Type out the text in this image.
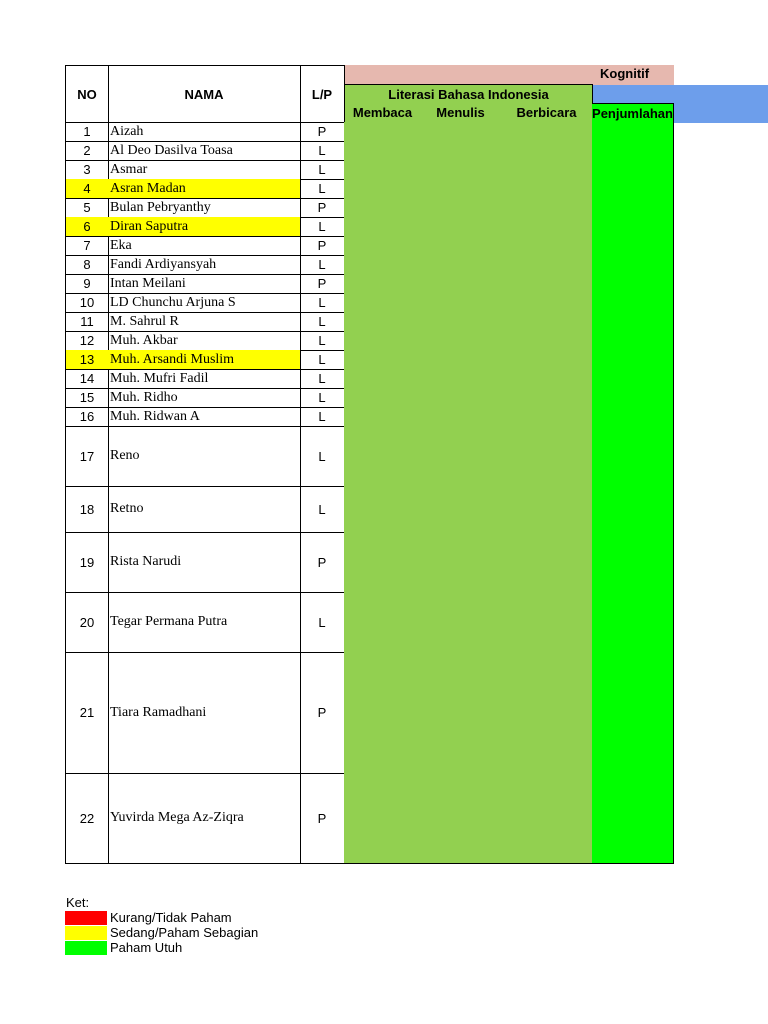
Kognitif
NO	NAMA	L/P	Literasi Bahasa Indonesia
Membaca	Menulis	Berbicara	Penjumlahan
1	Aizah	P
2	Al Deo Dasilva Toasa	L
3	Asmar	L
4	Asran Madan	L
5	Bulan Pebryanthy	P
6	Diran Saputra	L
7	Eka	P
8	Fandi Ardiyansyah	L
9	Intan Meilani	P
10	LD Chunchu Arjuna S	L
11	M. Sahrul R	L
12	Muh. Akbar	L
13	Muh. Arsandi Muslim	L
14	Muh. Mufri Fadil	L
15	Muh. Ridho	L
16	Muh. Ridwan A	L
17	Reno	L
18	Retno	L
19	Rista Narudi	P
20	Tegar Permana Putra	L
21	Tiara Ramadhani	P
22	Yuvirda Mega Az-Ziqra	P
Ket:
Kurang/Tidak Paham
Sedang/Paham Sebagian
Paham Utuh
